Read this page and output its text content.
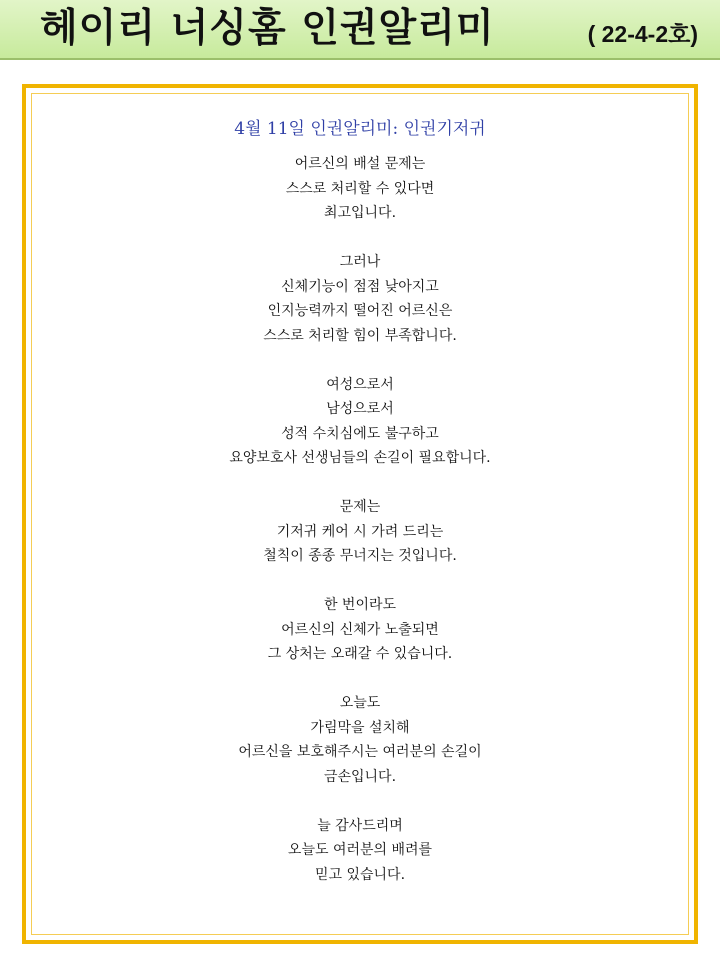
헤이리 너싱홈 인권알리미	( 22-4-2호)
4월 11일 인권알리미: 인권기저귀
어르신의 배설 문제는
스스로 처리할 수 있다면
최고입니다.
그러나
신체기능이 점점 낮아지고
인지능력까지 떨어진 어르신은
스스로 처리할 힘이 부족합니다.
여성으로서
남성으로서
성적 수치심에도 불구하고
요양보호사 선생님들의 손길이 필요합니다.
문제는
기저귀 케어 시 가려 드리는
철칙이 종종 무너지는 것입니다.
한 번이라도
어르신의 신체가 노출되면
그 상처는 오래갈 수 있습니다.
오늘도
가림막을 설치해
어르신을 보호해주시는 여러분의 손길이
금손입니다.
늘 감사드리며
오늘도 여러분의 배려를
믿고 있습니다.
